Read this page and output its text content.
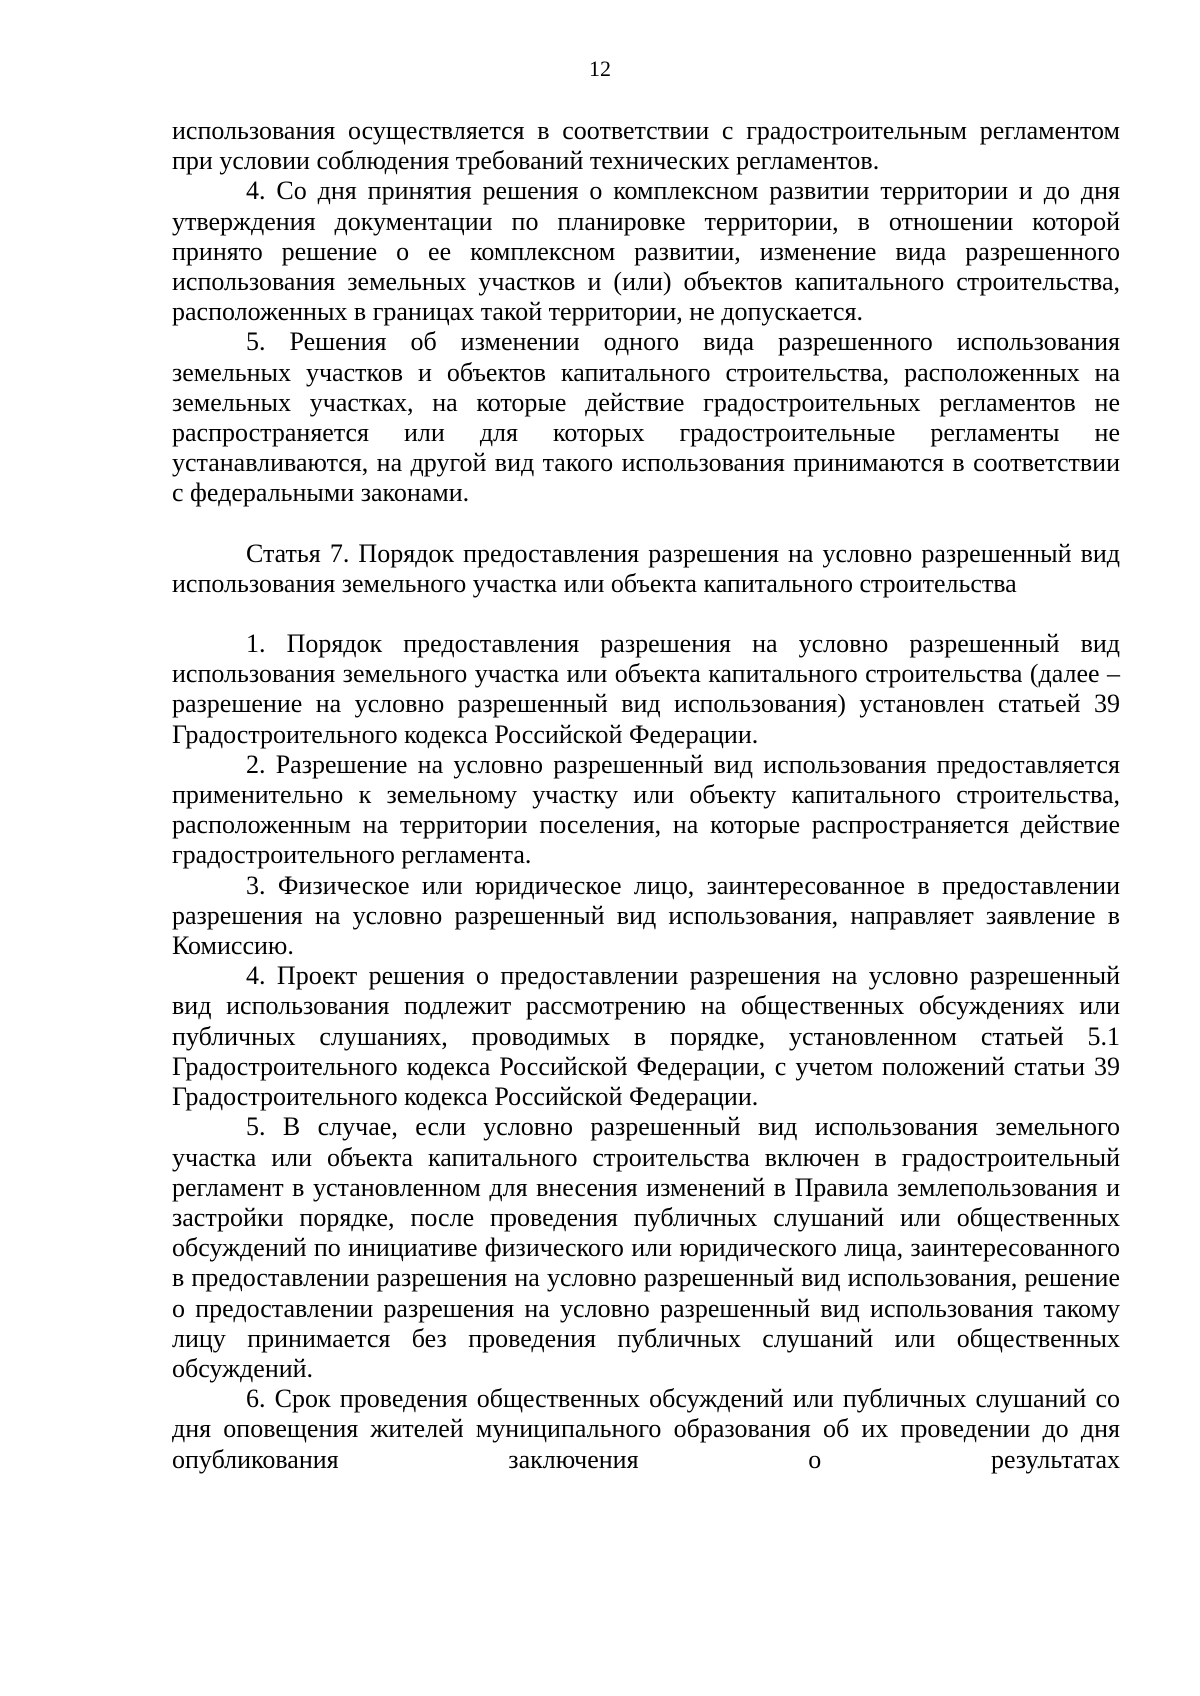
12

использования осуществляется в соответствии с градостроительным регламентом при условии соблюдения требований технических регламентов.

4. Со дня принятия решения о комплексном развитии территории и до дня утверждения документации по планировке территории, в отношении которой принято решение о ее комплексном развитии, изменение вида разрешенного использования земельных участков и (или) объектов капитального строительства, расположенных в границах такой территории, не допускается.

5. Решения об изменении одного вида разрешенного использования земельных участков и объектов капитального строительства, расположенных на земельных участках, на которые действие градостроительных регламентов не распространяется или для которых градостроительные регламенты не устанавливаются, на другой вид такого использования принимаются в соответствии с федеральными законами.

Статья 7. Порядок предоставления разрешения на условно разрешенный вид использования земельного участка или объекта капитального строительства

1. Порядок предоставления разрешения на условно разрешенный вид использования земельного участка или объекта капитального строительства (далее – разрешение на условно разрешенный вид использования) установлен статьей 39 Градостроительного кодекса Российской Федерации.

2. Разрешение на условно разрешенный вид использования предоставляется применительно к земельному участку или объекту капитального строительства, расположенным на территории поселения, на которые распространяется действие градостроительного регламента.

3. Физическое или юридическое лицо, заинтересованное в предоставлении разрешения на условно разрешенный вид использования, направляет заявление в Комиссию.

4. Проект решения о предоставлении разрешения на условно разрешенный вид использования подлежит рассмотрению на общественных обсуждениях или публичных слушаниях, проводимых в порядке, установленном статьей 5.1 Градостроительного кодекса Российской Федерации, с учетом положений статьи 39 Градостроительного кодекса Российской Федерации.

5. В случае, если условно разрешенный вид использования земельного участка или объекта капитального строительства включен в градостроительный регламент в установленном для внесения изменений в Правила землепользования и застройки порядке, после проведения публичных слушаний или общественных обсуждений по инициативе физического или юридического лица, заинтересованного в предоставлении разрешения на условно разрешенный вид использования, решение о предоставлении разрешения на условно разрешенный вид использования такому лицу принимается без проведения публичных слушаний или общественных обсуждений.

6. Срок проведения общественных обсуждений или публичных слушаний со дня оповещения жителей муниципального образования об их проведении до дня опубликования заключения о результатах
